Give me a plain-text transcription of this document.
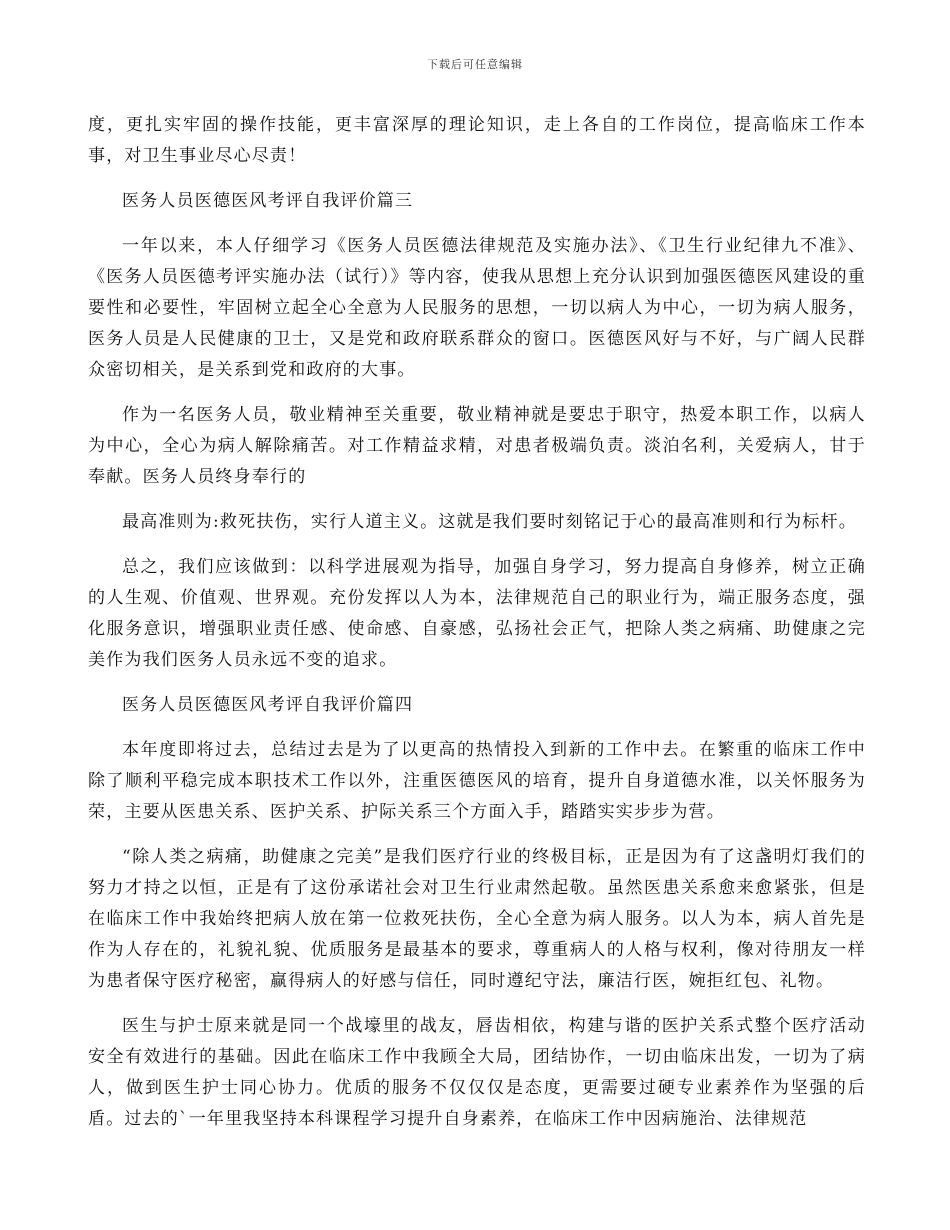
下载后可任意编辑

度，更扎实牢固的操作技能，更丰富深厚的理论知识，走上各自的工作岗位，提高临床工作本事，对卫生事业尽心尽责！

医务人员医德医风考评自我评价篇三

一年以来，本人仔细学习《医务人员医德法律规范及实施办法》、《卫生行业纪律九不准》、《医务人员医德考评实施办法（试行）》等内容，使我从思想上充分认识到加强医德医风建设的重要性和必要性，牢固树立起全心全意为人民服务的思想，一切以病人为中心，一切为病人服务，医务人员是人民健康的卫士，又是党和政府联系群众的窗口。医德医风好与不好，与广阔人民群众密切相关，是关系到党和政府的大事。

作为一名医务人员，敬业精神至关重要，敬业精神就是要忠于职守，热爱本职工作，以病人为中心，全心为病人解除痛苦。对工作精益求精，对患者极端负责。淡泊名利，关爱病人，甘于奉献。医务人员终身奉行的

最高准则为:救死扶伤，实行人道主义。这就是我们要时刻铭记于心的最高准则和行为标杆。

总之，我们应该做到：以科学进展观为指导，加强自身学习，努力提高自身修养，树立正确的人生观、价值观、世界观。充份发挥以人为本，法律规范自己的职业行为，端正服务态度，强化服务意识，增强职业责任感、使命感、自豪感，弘扬社会正气，把除人类之病痛、助健康之完美作为我们医务人员永远不变的追求。

医务人员医德医风考评自我评价篇四

本年度即将过去，总结过去是为了以更高的热情投入到新的工作中去。在繁重的临床工作中除了顺利平稳完成本职技术工作以外，注重医德医风的培育，提升自身道德水准，以关怀服务为荣，主要从医患关系、医护关系、护际关系三个方面入手，踏踏实实步步为营。

“除人类之病痛，助健康之完美”是我们医疗行业的终极目标，正是因为有了这盏明灯我们的努力才持之以恒，正是有了这份承诺社会对卫生行业肃然起敬。虽然医患关系愈来愈紧张，但是在临床工作中我始终把病人放在第一位救死扶伤，全心全意为病人服务。以人为本，病人首先是作为人存在的，礼貌礼貌、优质服务是最基本的要求，尊重病人的人格与权利，像对待朋友一样为患者保守医疗秘密，赢得病人的好感与信任，同时遵纪守法，廉洁行医，婉拒红包、礼物。

医生与护士原来就是同一个战壕里的战友，唇齿相依，构建与谐的医护关系式整个医疗活动安全有效进行的基础。因此在临床工作中我顾全大局，团结协作，一切由临床出发，一切为了病人，做到医生护士同心协力。优质的服务不仅仅仅是态度，更需要过硬专业素养作为坚强的后盾。过去的`一年里我坚持本科课程学习提升自身素养，在临床工作中因病施治、法律规范
